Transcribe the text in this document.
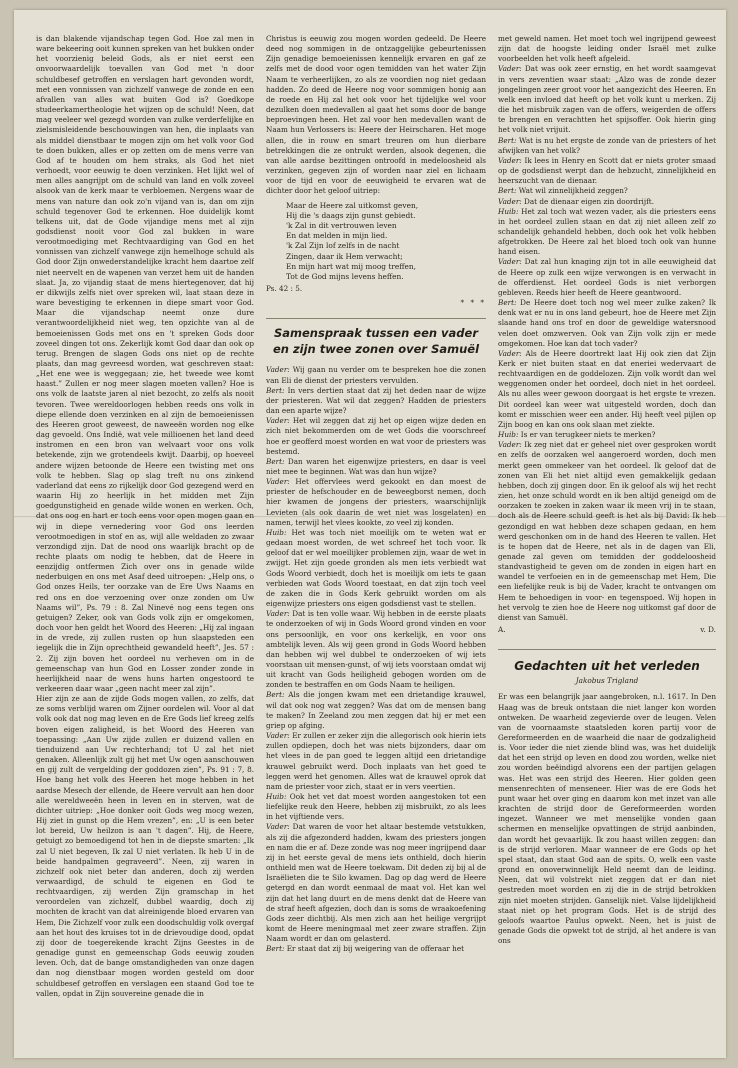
is dan blakende vijandschap tegen God. Hoe zal men in ware bekeering ooit kunnen spreken van het bukken onder het voorzienig beleid Gods, als er niet eerst een onvoorwaardelijk toevallen van God met 'n door schuldbesef getroffen en verslagen hart gevonden wordt, met een vonnissen van zichzelf vanwege de zonde en een afvallen van alles wat buiten God is? Goedkope studeerkamertheologie het wijzen op de schuld! Neen, dat mag veeleer wel gezegd worden van zulke verderfelijke en zielsmisleidende beschouwingen van hen, die inplaats van als middel dienstbaar te mogen zijn om het volk voor God te doen bukken, alles er op zetten om de mens verre van God af te houden om hem straks, als God het niet verhoedt, voor eeuwig te doen verzinken. Het lijkt wel of men alles aangrijpt om de schuld van land en volk zoveel alsook van de kerk maar te verbloemen. Nergens waar de mens van nature dan ook zo'n vijand van is, dan om zijn schuld tegenover God te erkennen. Hoe duidelijk komt telkens uit, dat de Gode vijandige mens met al zijn godsdienst nooit voor God zal bukken in ware verootmoediging met Rechtvaardiging van God en het vonnissen van zichzelf vanwege zijn hemelhoge schuld als God door Zijn onwederstandelijke kracht hem daartoe zelf niet neervelt en de wapenen van verzet hem uit de handen slaat. Ja, zo vijandig staat de mens hiertegenover, dat hij er dikwijls zelfs niet over spreken wil, laat staan deze in ware bevestiging te erkennen in diepe smart voor God. Maar die vijandschap neemt onze dure verantwoordelijkheid niet weg, ten opzichte van al de bemoeienissen Gods met ons en 't spreken Gods door zoveel dingen tot ons. Zekerlijk komt God daar dan ook op terug. Brengen de slagen Gods ons niet op de rechte plaats, dan mag gevreesd worden, wat geschreven staat: „Het ene wee is weggegaan; zie, het tweede wee komt haast.” Zullen er nog meer slagen moeten vallen? Hoe is ons volk de laatste jaren al niet bezocht, zo zelfs als nooit tevoren. Twee wereldoorlogen hebben reeds ons volk in diepe ellende doen verzinken en al zijn de bemoeienissen des Heeren groot geweest, de naweeën worden nog elke dag gevoeld. Ons Indië, wat vele millioenen het land deed instromen en een bron van welvaart voor ons volk betekende, zijn we grotendeels kwijt. Daarbij, op hoeveel andere wijzen betoonde de Heere een twisting met ons volk te hebben. Slag op slag treft nu ons zinkend vaderland dat eens zo rijkelijk door God gezegend werd en waarin Hij zo heerlijk in het midden met Zijn goedgunstigheid en genade wilde wonen en werken. Och, dat ons oog en hart er toch eens voor open mogen gaan en wij in diepe vernedering voor God ons leerden verootmoedigen in stof en as, wijl alle weldaden zo zwaar verzondigd zijn. Dat de nood ons waarlijk bracht op de rechte plaats om nodig te hebben, dat de Heere in eenzijdig ontfermen Zich over ons in genade wilde nederbuigen en ons met Asaf deed uitroepen: „Help ons, o God onzes Heils, ter oorzake van de Ere Uws Naams en red ons en doe verzoening over onze zonden om Uw Naams wil”, Ps. 79 : 8. Zal Ninevé nog eens tegen ons getuigen? Zeker, ook van Gods volk zijn er omgekomen, doch voor hen geldt het Woord des Heeren: „Hij zal ingaan in de vrede, zij zullen rusten op hun slaapsteden een iegelijk die in Zijn oprechtheid gewandeld heeft”, Jes. 57 : 2. Zij zijn boven het oordeel nu verheven om in de gemeenschap van hun God en Losser zonder zonde in heerlijkheid naar de wens huns harten ongestoord te verkeeren daar waar „geen nacht meer zal zijn”.

Hier zijn ze aan de zijde Gods mogen vallen, zo zelfs, dat ze soms verblijd waren om Zijner oordelen wil. Voor al dat volk ook dat nog mag leven en de Ere Gods lief kreeg zelfs boven eigen zaligheid, is het Woord des Heeren van toepassing: „Aan Uw zijde zullen er duizend vallen en tienduizend aan Uw rechterhand; tot U zal het niet genaken. Alleenlijk zult gij het met Uw ogen aanschouwen en gij zult de vergelding der goddozen zien”, Ps. 91 : 7, 8. Hoe bang het volk des Heeren het moge hebben in het aardse Mesech der ellende, de Heere vervult aan hen door alle wereldweeën heen in leven en in sterven, wat de dichter uitriep: „Hoe donker ooit Gods weg mocg wezen, Hij ziet in gunst op die Hem vrezen”, en: „U is een beter lot bereid, Uw heilzon is aan 't dagen”. Hij, de Heere, getuigt zo bemoedigend tot hen in de diepste smarten: „Ik zal U niet begeven, Ik zal U niet verlaten. Ik heb U in de beide handpalmen gegraveerd”. Neen, zij waren in zichzelf ook niet beter dan anderen, doch zij werden verwaardigd, de schuld te eigenen en God te rechtvaardigen, zij werden Zijn gramschap in het veroordelen van zichzelf, dubbel waardig, doch zij mochten de kracht van dat alreinigende bloed ervaren van Hem, Die Zichzelf voor zulk een doodschuldig volk overgaf aan het hout des kruises tot in de drievoudige dood, opdat zij door de toegerekende kracht Zijns Geestes in de genadige gunst en gemeenschap Gods eeuwig zouden leven. Och, dat de bange omstandigheden van onze dagen dan nog dienstbaar mogen worden gesteld om door schuldbesef getroffen en verslagen een staand God toe te vallen, opdat in Zijn souvereine genade die in

Christus is eeuwig zou mogen worden gedeeld. De Heere deed nog sommigen in de ontzaggelijke gebeurtenissen Zijn genadige bemoeienissen kennelijk ervaren en gaf ze zelfs met de dood voor ogen temidden van het water Zijn Naam te verheerlijken, zo als ze voordien nog niet gedaan hadden. Zo deed de Heere nog voor sommigen honig aan de roede en Hij zal het ook voor het tijdelijke wel voor dezulken doen medevallen al gaat het soms door de bange beproevingen heen. Het zal voor hen medevallen want de Naam hun Verlossers is: Heere der Heirscharen. Het moge allen, die in rouw en smart treuren om hun dierbare betrekkingen die ze ontrukt werden, alsook degenen, die van alle aardse bezittingen ontroofd in medeloosheid als verzinken, gegeven zijn of worden naar ziel en lichaam voor de tijd en voor de eeuwigheid te ervaren wat de dichter door het geloof uitriep:

Maar de Heere zal uitkomst geven,
Hij die 's daags zijn gunst gebiedt.
'k Zal in dit vertrouwen leven
En dat melden in mijn lied.
'k Zal Zijn lof zelfs in de nacht
Zingen, daar ik Hem verwacht;
En mijn hart wat mij moog treffen,
Tot de God mijns levens heffen.
Ps. 42 : 5.
* * *
Samenspraak tussen een vader en zijn twee zonen over Samuël

Vader: Wij gaan nu verder om te bespreken hoe die zonen van Eli de dienst der priesters vervulden.

Bert: In vers dertien staat dat zij het deden naar de wijze der priesteren. Wat wil dat zeggen? Hadden de priesters dan een aparte wijze?

Vader: Het wil zeggen dat zij het op eigen wijze deden en zich niet bekommerden om de wet Gods die voorschreef hoe er geofferd moest worden en wat voor de priesters was bestemd.

Bert: Dan waren het eigenwijze priesters, en daar is veel niet mee te beginnen. Wat was dan hun wijze?

Vader: Het offervlees werd gekookt en dan moest de priester de hefschouder en de beweegborst nemen, doch hier kwamen de jongens der priesters, waarschijnlijk Levieten (als ook daarin de wet niet was losgelaten) en namen, terwijl het vlees kookte, zo veel zij konden.

Huib: Het was toch niet moeilijk om te weten wat er gedaan moest worden, de wet schreef het toch voor. Ik geloof dat er wel moeilijker problemen zijn, waar de wet in zwijgt. Het zijn goede gronden als men iets verbiedt wat Gods Woord verbiedt, doch het is moeilijk om iets te gaan verbieden wat Gods Woord toestaat, en dat zijn toch veel de zaken die in Gods Kerk gebruikt worden om als eigenwijze priesters ons eigen godsdienst vast te stellen.

Vader: Dat is ten volle waar. Wij hebben in de eerste plaats te onderzoeken of wij in Gods Woord grond vinden en voor ons persoonlijk, en voor ons kerkelijk, en voor ons ambtelijk leven. Als wij geen grond in Gods Woord hebben dan hebben wij wel dubbel te onderzoeken of wij iets voorstaan uit mensen-gunst, of wij iets voorstaan omdat wij uit kracht van Gods heiligheid gebogen worden om de zonden te bestraffen en om Gods Naam te heiligen.

Bert: Als die jongen kwam met een drietandige krauwel, wil dat ook nog wat zeggen? Was dat om de mensen bang te maken? In Zeeland zou men zeggen dat hij er met een griep op afging.

Vader: Er zullen er zeker zijn die allegorisch ook hierin iets zullen opdiepen, doch het was niets bijzonders, daar om het vlees in de pan goed te leggen altijd een drietandige krauwel gebruikt werd. Doch inplaats van het goed te leggen werd het genomen. Alles wat de krauwel oprok dat nam de priester voor zich, staat er in vers veertien.

Huib: Ook het vet dat moest worden aangestoken tot een liefelijke reuk den Heere, hebben zij misbruikt, zo als lees in het vijftiende vers.

Vader: Dat waren de voor het altaar bestemde vetstukken, als zij die afgezonderd hadden, kwam des priesters jongen en nam die er af. Deze zonde was nog meer ingrijpend daar zij in het eerste geval de mens iets onthield, doch hierin onthield men wat de Heere toekwam. Dit deden zij bij al de Israëlieten die te Silo kwamen. Dag op dag werd de Heere getergd en dan wordt eenmaal de maat vol. Het kan wel zijn dat het lang duurt en de mens denkt dat de Heere van de straf heeft afgezien, doch dan is soms de wraakoefening Gods zeer dichtbij. Als men zich aan het heilige vergrijpt komt de Heere meningmaal met zeer zware straffen. Zijn Naam wordt er dan om gelasterd.

Bert: Er staat dat zij bij weigering van de offeraar het

met geweld namen. Het moet toch wel ingrijpend geweest zijn dat de hoogste leiding onder Israël met zulke voorbeelden het volk heeft afgeleid.

Vader: Dat was ook zeer ernstig, en het wordt saamgevat in vers zeventien waar staat: „Alzo was de zonde dezer jongelingen zeer groot voor het aangezicht des Heeren. En welk een invloed dat heeft op het volk kunt u merken. Zij die het misbruik zagen van de offers, weigerden de offers te brengen en verachtten het spijsoffer. Ook hierin ging het volk niet vrijuit.

Bert: Wat is nu het ergste de zonde van de priesters of het afwijken van het volk?

Vader: Ik lees in Henry en Scott dat er niets groter smaad op de godsdienst werpt dan de hebzucht, zinnelijkheid en heerszucht van de dienaar.

Bert: Wat wil zinnelijkheid zeggen?

Vader: Dat de dienaar eigen zin doordrijft.

Huib: Het zal toch wat wezen vader, als die priesters eens in het oordeel zullen staan en dat zij niet alleen zelf zo schandelijk gehandeld hebben, doch ook het volk hebben afgetrokken. De Heere zal het bloed toch ook van hunne hand eisen.

Vader: Dat zal hun knaging zijn tot in alle eeuwigheid dat de Heere op zulk een wijze verwongen is en verwacht in de offerdienst. Het oordeel Gods is niet verborgen gebleven. Reeds hier heeft de Heere geantwoord.

Bert: De Heere doet toch nog wel meer zulke zaken? Ik denk wat er nu in ons land gebeurt, hoe de Heere met Zijn slaande hand ons trof en door de geweldige watersnood velen doet omzwerven. Ook van Zijn volk zijn er mede omgekomen. Hoe kan dat toch vader?

Vader: Als de Heere doortrekt laat Hij ook zien dat Zijn Kerk er niet buiten staat en dat eneriei wedervaart de rechtvaardigen en de goddelozen. Zijn volk wordt dan wel weggenomen onder het oordeel, doch niet in het oordeel. Als nu alles weer gewoon doorgaat is het ergste te vrezen. Dit oordeel kan weer wat uitgesteld worden, doch dan komt er misschien weer een ander. Hij heeft veel pijlen op Zijn boog en kan ons ook slaan met ziekte.

Huib: Is er van terugkeer niets te merken?

Vader: Ik zeg niet dat er geheel niet over gesproken wordt en zelfs de oorzaken wel aangeroerd worden, doch men merkt geen ommekeer van het oordeel. Ik geloof dat de zonen van Eli het niet altijd even gemakkelijk gedaan hebben, doch zij gingen door. En ik geloof als wij het recht zien, het onze schuld wordt en ik ben altijd geneigd om de oorzaken te zoeken in zaken waar ik meen vrij in te staan, doch als de Heere schuld geeft is het als bij David: Ik heb gezondigd en wat hebben deze schapen gedaan, en hem werd geschonken om in de hand des Heeren te vallen. Het is te hopen dat de Heere, net als in de dagen van Eli, genade zal geven om temidden der goddeloosheid standvastigheid te geven om de zonden in eigen hart en wandel te verfoeien en in de gemeenschap met Hem, Die een liefelijke reuk is bij de Vader, kracht te ontvangen om Hem te behoedigen in voor- en tegenspoed. Wij hopen in het vervolg te zien hoe de Heere nog uitkomst gaf door de dienst van Samuël.

A.	v. D.
Gedachten uit het verleden
Jakobus Trigland

Er was een belangrijk jaar aangebroken, n.l. 1617. In Den Haag was de breuk ontstaan die niet langer kon worden ontweken. De waarheid zegevierde over de leugen. Velen van de voornaamste staatsleden koren partij voor de Gereformeerden en de waarheid die naar de godzaligheid is. Voor ieder die niet ziende blind was, was het duidelijk dat het een strijd op leven en dood zou worden, welke niet zou worden beëindigd alvorens een der partijen gelagen was. Het was een strijd des Heeren. Hier golden geen mensenrechten of menseneer. Hier was de ere Gods het punt waar het over ging en daarom kon met inzet van alle krachten de strijd door de Gereformeerden worden ingezet. Wanneer we met menselijke vonden gaan schermen en menselijke opvattingen de strijd aanbinden, dan wordt het gevaarlijk. Ik zou haast willen zeggen: dan is de strijd verloren. Maar wanneer de ere Gods op het spel staat, dan staat God aan de spits. O, welk een vaste grond en onoverwinnelijk Held neemt dan de leiding. Neen, dat wil volstrekt niet zeggen dat er dan niet gestreden moet worden en zij die in de strijd betrokken zijn niet moeten strijden. Ganselijk niet. Valse lijdelijkheid staat niet op het program Gods. Het is de strijd des geloofs waartoe Paulus opwekt. Neen, het is juist de genade Gods die opwekt tot de strijd, al het andere is van ons
